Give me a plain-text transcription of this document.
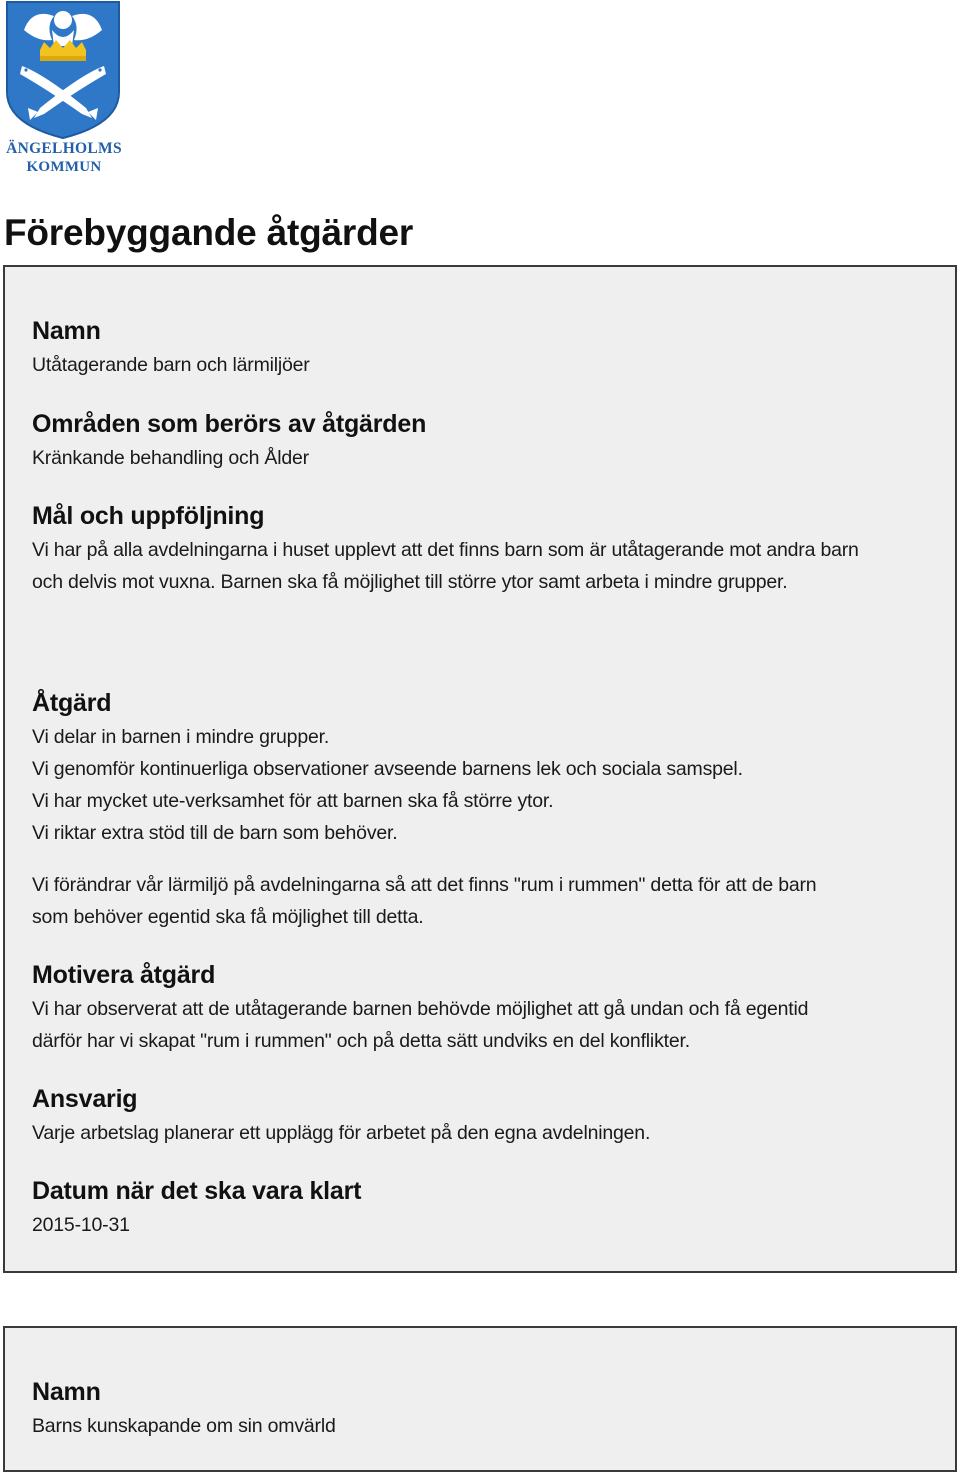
ÄNGELHOLMS
KOMMUN
Förebyggande åtgärder
Namn

Utåtagerande barn och lärmiljöer

Områden som berörs av åtgärden

Kränkande behandling och Ålder

Mål och uppföljning

Vi har på alla avdelningarna i huset upplevt att det finns barn som är utåtagerande mot andra barn

och delvis mot vuxna. Barnen ska få möjlighet till större ytor samt arbeta i mindre grupper.

Åtgärd

Vi delar in barnen i mindre grupper.

Vi genomför kontinuerliga observationer avseende barnens lek och sociala samspel.

Vi har mycket ute-verksamhet för att barnen ska få större ytor.

Vi riktar extra stöd till de barn som behöver.

Vi förändrar vår lärmiljö på avdelningarna så att det finns "rum i rummen" detta för att de barn

som behöver egentid ska få möjlighet till detta.

Motivera åtgärd

Vi har observerat att de utåtagerande barnen behövde möjlighet att gå undan och få egentid

därför har vi skapat "rum i rummen" och på detta sätt undviks en del konflikter.

Ansvarig

Varje arbetslag planerar ett upplägg för arbetet på den egna avdelningen.

Datum när det ska vara klart

2015-10-31

Namn

Barns kunskapande om sin omvärld
